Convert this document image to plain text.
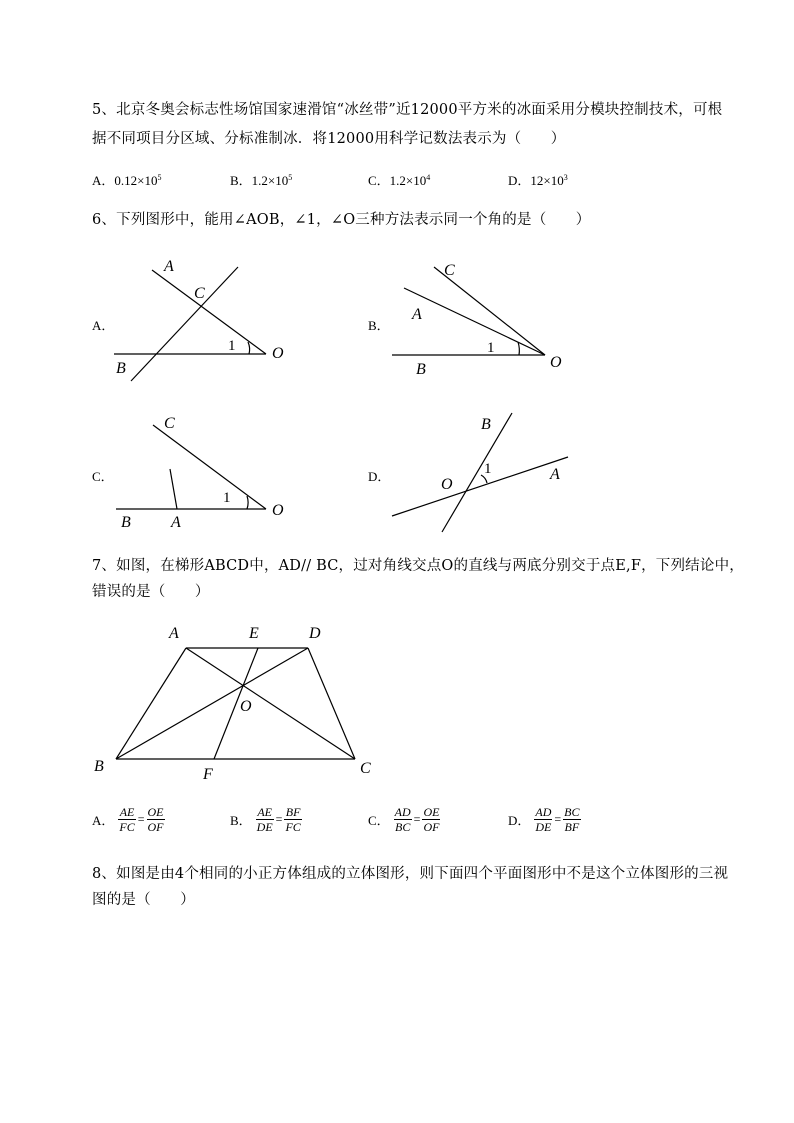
5、北京冬奥会标志性场馆国家速滑馆“冰丝带”近12000平方米的冰面采用分模块控制技术，可根
据不同项目分区域、分标准制冰．将12000用科学记数法表示为（　　）
A．$0.12\times 10^5$	B．$1.2\times 10^5$	C．$1.2\times 10^4$	D．$12\times 10^3$
6、下列图形中，能用∠AOB，∠1，∠O三种方法表示同一个角的是（　　）
A．
A
C
B
O
1
B．
C
A
B	O
1
C．
C
B	A
O
1
D．
B
A
O
1
7、如图，在梯形ABCD中，AD// BC，过对角线交点O的直线与两底分别交于点E,F，下列结论中，
错误的是（　　）
A	E	D
O
B	F	C
A． $\frac{AE}{FC} = \frac{OE}{OF}$	B． $\frac{AE}{DE} = \frac{BF}{FC}$	C． $\frac{AD}{BC} = \frac{OE}{OF}$	D． $\frac{AD}{DE} = \frac{BC}{BF}$
8、如图是由4个相同的小正方体组成的立体图形，则下面四个平面图形中不是这个立体图形的三视
图的是（　　）
